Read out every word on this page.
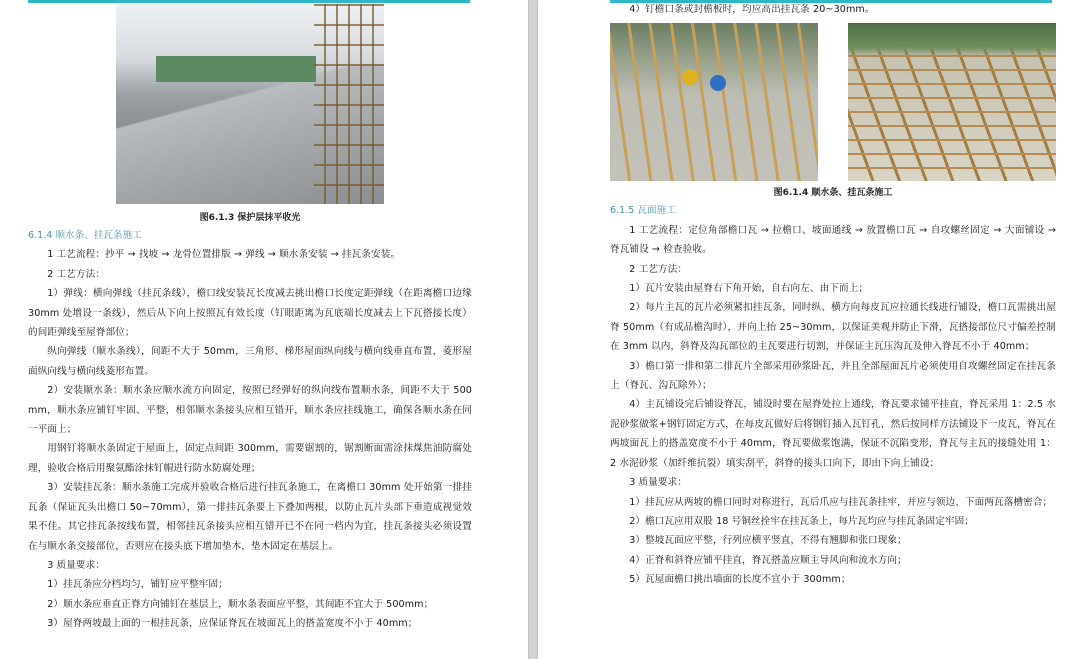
图6.1.3 保护层抹平收光

6.1.4 顺水条、挂瓦条施工

1 工艺流程：抄平 → 找坡 → 龙骨位置排版 → 弹线 → 顺水条安装 → 挂瓦条安装。

2 工艺方法：

1）弹线：横向弹线（挂瓦条线），檐口线安装瓦长度减去挑出檐口长度定距弹线（在距离檐口边缘 30mm 处增设一条线），然后从下向上按照瓦有效长度（钉眼距离为瓦底端长度减去上下瓦搭接长度）的间距弹线至屋脊部位；

纵向弹线（顺水条线），间距不大于 50mm，三角形、梯形屋面纵向线与横向线垂直布置，菱形屋面纵向线与横向线菱形布置。

2）安装顺水条：顺水条应顺水流方向固定，按照已经弹好的纵向线布置顺水条，间距不大于 500mm，顺水条应铺钉牢固、平整，相邻顺水条接头应相互错开，顺水条应挂线施工，确保各顺水条在同一平面上；

用钢钉将顺水条固定于屋面上，固定点间距 300mm，需要锯割的，锯割断面需涂抹煤焦油防腐处理，验收合格后用聚氨酯涂抹钉帽进行防水防腐处理；

3）安装挂瓦条：顺水条施工完成并验收合格后进行挂瓦条施工，在离檐口 30mm 处开始第一排挂瓦条（保证瓦头出檐口 50~70mm），第一排挂瓦条要上下叠加两根，以防止瓦片头部下垂造成视觉效果不佳。其它挂瓦条按线布置，相邻挂瓦条接头应相互错开已不在同一档内为宜，挂瓦条接头必须设置在与顺水条交接部位，否则应在接头底下增加垫木，垫木固定在基层上。

3 质量要求：

1）挂瓦条应分档均匀，铺钉应平整牢固；

2）顺水条应垂直正脊方向铺钉在基层上，顺水条表面应平整，其间距不宜大于 500mm；

3）屋脊两坡最上面的一根挂瓦条，应保证脊瓦在坡面瓦上的搭盖宽度不小于 40mm；

4）钉檐口条或封檐板时，均应高出挂瓦条 20~30mm。

图6.1.4 顺水条、挂瓦条施工

6.1.5 瓦面施工

1 工艺流程：定位角部檐口瓦 → 拉檐口、坡面通线 → 放置檐口瓦 → 自攻螺丝固定 → 大面铺设 → 脊瓦铺设 → 检查验收。

2 工艺方法：

1）瓦片安装由屋脊右下角开始，自右向左、由下而上；

2）每片主瓦的瓦片必须紧扣挂瓦条，同时纵、横方向每皮瓦应拉通长线进行铺设，檐口瓦需挑出屋脊 50mm（有成品檐沟时），并向上抬 25~30mm，以保证美观并防止下滑，瓦搭接部位尺寸偏差控制在 3mm 以内，斜脊及沟瓦部位的主瓦要进行切割，并保证主瓦压沟瓦及伸入脊瓦不小于 40mm；

3）檐口第一排和第二排瓦片全部采用砂浆卧瓦，并且全部屋面瓦片必须使用自攻螺丝固定在挂瓦条上（脊瓦、沟瓦除外）；

4）主瓦铺设完后铺设脊瓦，铺设时要在屋脊处拉上通线，脊瓦要求铺平挂直，脊瓦采用 1：2.5 水泥砂浆做浆+钢钉固定方式，在每皮瓦做好后将钢钉插入瓦钉孔，然后按同样方法铺设下一皮瓦，脊瓦在两坡面瓦上的搭盖宽度不小于 40mm，脊瓦要做浆饱满，保证不沉陷变形，脊瓦与主瓦的接缝处用 1：2 水泥砂浆（加纤维抗裂）填实刮平，斜脊的接头口向下，即由下向上铺设；

3 质量要求：

1）挂瓦应从两坡的檐口同时对称进行，瓦后爪应与挂瓦条挂牢，并应与领边、下面两瓦落槽密合；

2）檐口瓦应用双股 18 号铜丝拴牢在挂瓦条上，每片瓦均应与挂瓦条固定牢固；

3）整坡瓦面应平整，行列应横平竖直，不得有翘脚和张口现象；

4）正脊和斜脊应铺平挂直，脊瓦搭盖应顺主导风向和流水方向；

5）瓦屋面檐口挑出墙面的长度不宜小于 300mm；
